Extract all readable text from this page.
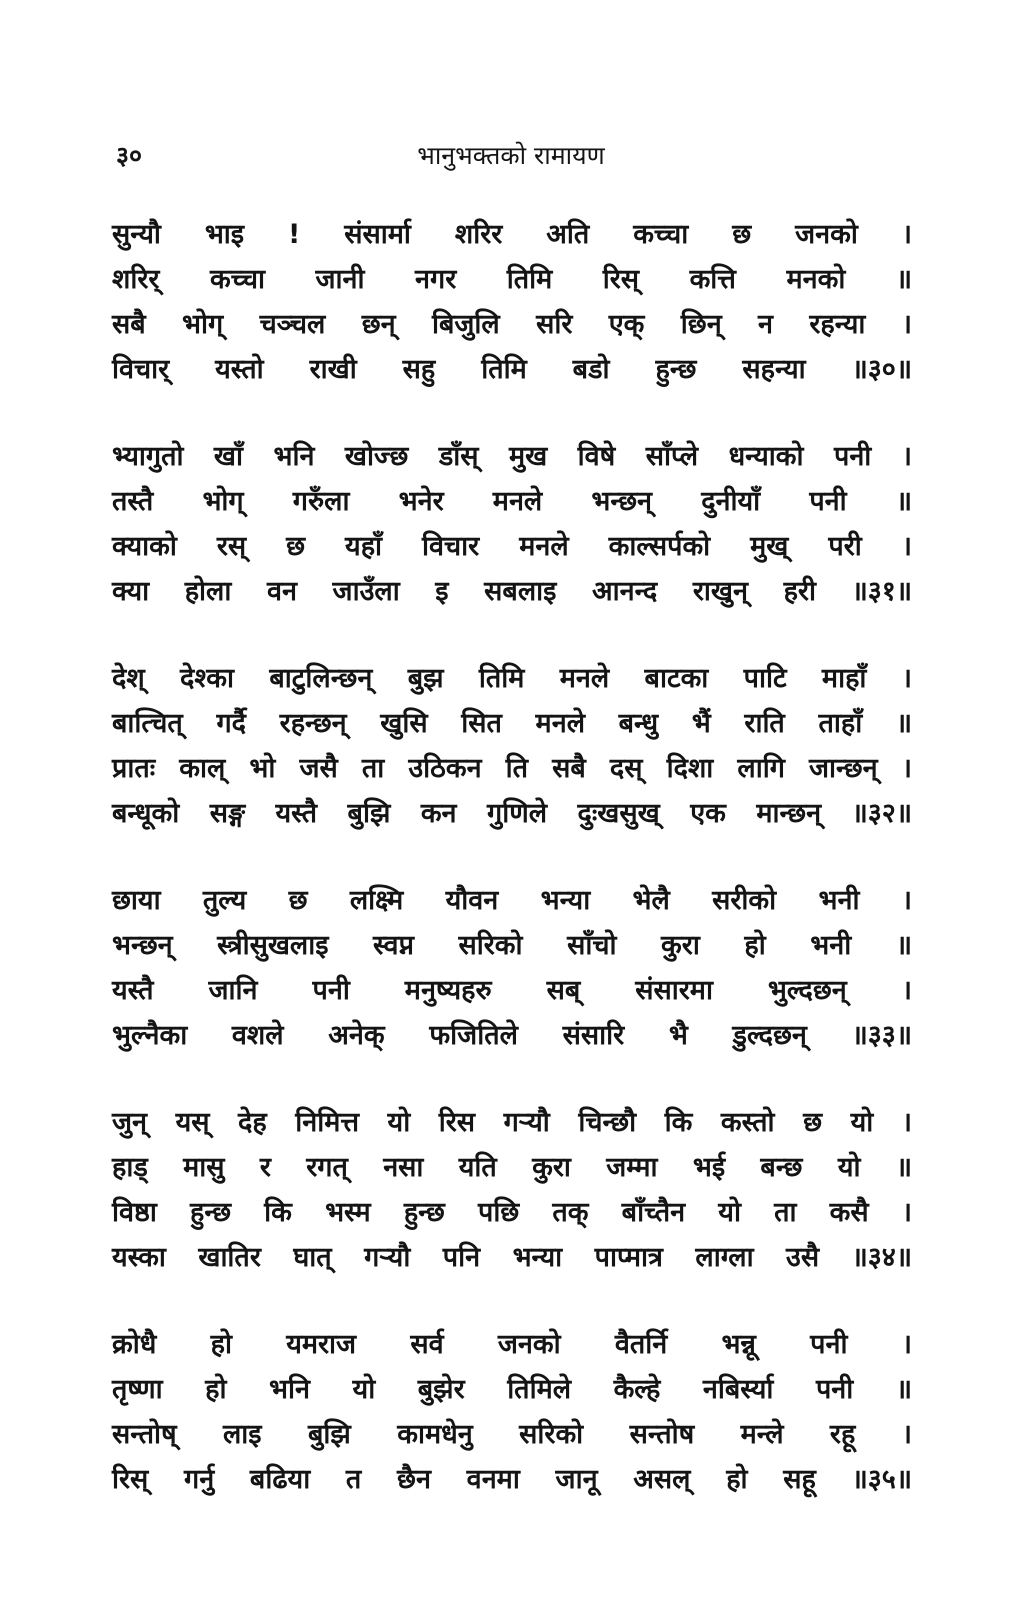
३०	भानुभक्तको रामायण
सुन्यौ भाइ ! संसार्मा शरिर अति कच्चा छ जनको ।
शरिर् कच्चा जानी नगर तिमि रिस् कत्ति मनको ॥
सबै भोग् चञ्चल छन् बिजुलि सरि एक् छिन् न रहन्या ।
विचार् यस्तो राखी सहु तिमि बडो हुन्छ सहन्या ॥३०॥
भ्यागुतो खाँ भनि खोज्छ डाँस् मुख विषे साँप्ले धन्याको पनी ।
तस्तै भोग् गरुँला भनेर मनले भन्छन् दुनीयाँ पनी ॥
क्याको रस् छ यहाँ विचार मनले काल्सर्पको मुख् परी ।
क्या होला वन जाउँला इ सबलाइ आनन्द राखुन् हरी ॥३१॥
देश् देश्का बाटुलिन्छन् बुझ तिमि मनले बाटका पाटि माहाँ ।
बात्चित् गर्दै रहन्छन् खुसि सित मनले बन्धु भैं राति ताहाँ ॥
प्रातः काल् भो जसै ता उठिकन ति सबै दस् दिशा लागि जान्छन् ।
बन्धूको सङ्ग यस्तै बुझि कन गुणिले दुःखसुख् एक मान्छन् ॥३२॥
छाया तुल्य छ लक्ष्मि यौवन भन्या भेलै सरीको भनी ।
भन्छन् स्त्रीसुखलाइ स्वप्न सरिको साँचो कुरा हो भनी ॥
यस्तै जानि पनी मनुष्यहरु सब् संसारमा भुल्दछन् ।
भुल्नैका वशले अनेक् फजितिले संसारि भै डुल्दछन् ॥३३॥
जुन् यस् देह निमित्त यो रिस गऱ्यौ चिन्छौ कि कस्तो छ यो ।
हाड् मासु र रगत् नसा यति कुरा जम्मा भई बन्छ यो ॥
विष्ठा हुन्छ कि भस्म हुन्छ पछि तक् बाँच्तैन यो ता कसै ।
यस्का खातिर घात् गऱ्यौ पनि भन्या पाप्मात्र लाग्ला उसै ॥३४॥
क्रोधै हो यमराज सर्व जनको वैतर्नि भन्नू पनी ।
तृष्णा हो भनि यो बुझेर तिमिले कैल्हे नबिर्स्या पनी ॥
सन्तोष् लाइ बुझि कामधेनु सरिको सन्तोष मन्ले रहू ।
रिस् गर्नु बढिया त छैन वनमा जानू असल् हो सहू ॥३५॥
